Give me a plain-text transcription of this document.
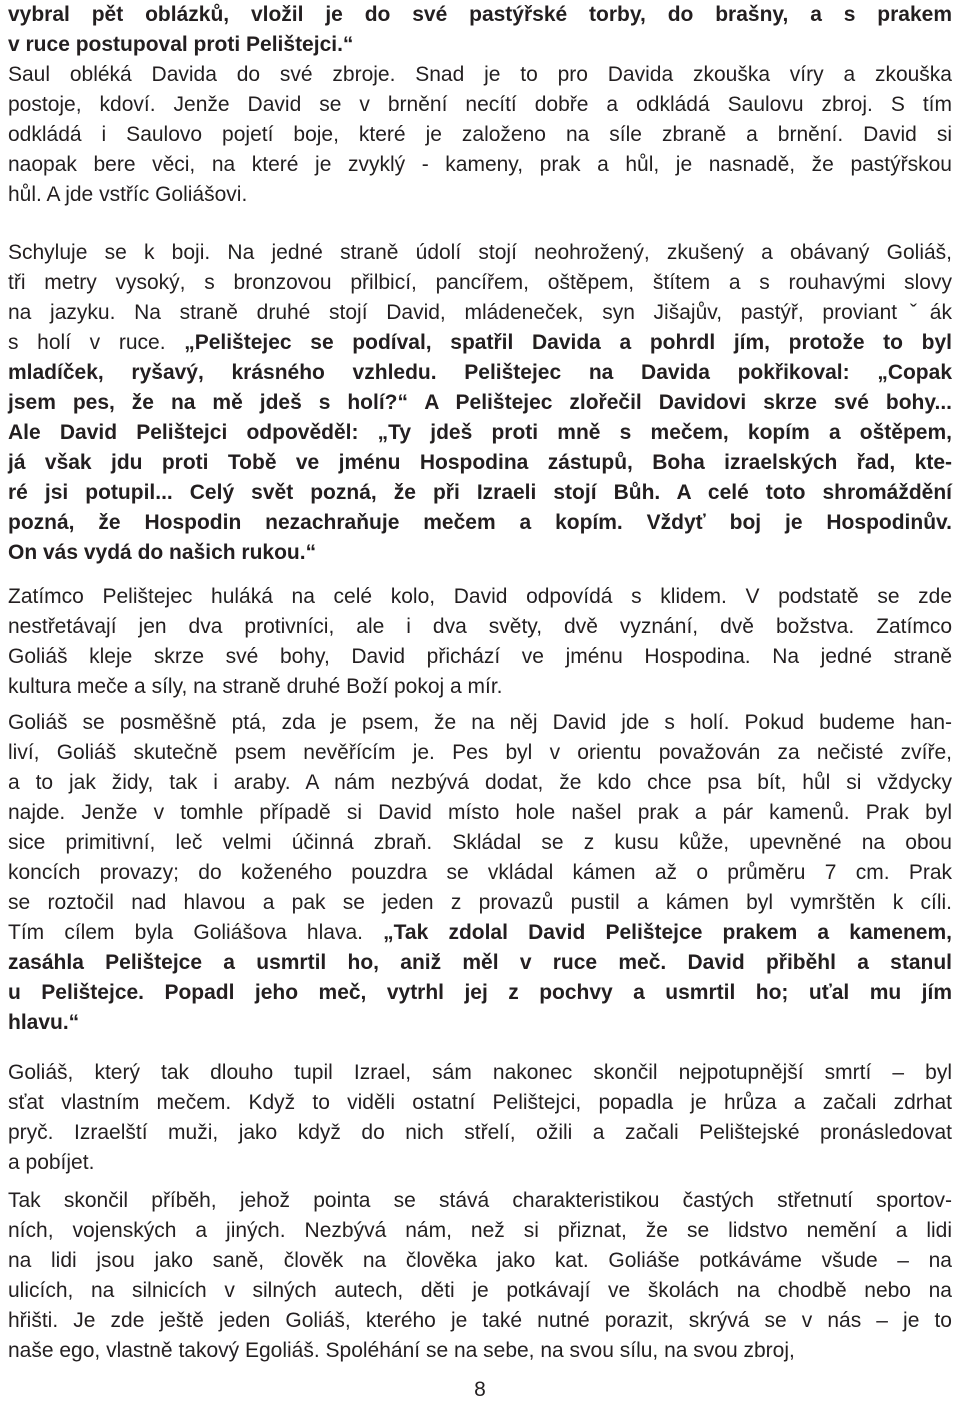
vybral pět oblázků, vložil je do své pastýřské torby, do brašny, a s prakem
v ruce postupoval proti Pelištejci.“
Saul obléká Davida do své zbroje. Snad je to pro Davida zkouška víry a zkouška
postoje, kdoví. Jenže David se v brnění necítí dobře a odkládá Saulovu zbroj. S tím
odkládá i Saulovo pojetí boje, které je založeno na síle zbraně a brnění. David si
naopak bere věci, na které je zvyklý - kameny, prak a hůl, je nasnadě, že pastýřskou
hůl. A jde vstříc Goliášovi.
Schyluje se k boji. Na jedné straně údolí stojí neohrožený, zkušený a obávaný Goliáš,
tři metry vysoký, s bronzovou přilbicí, pancířem, oštěpem, štítem a s rouhavými slovy
na jazyku. Na straně druhé stojí David, mládeneček, syn Jišajův, pastýř, proviantˇák
s holí v ruce. „Pelištejec se podíval, spatřil Davida a pohrdl jím, protože to byl
mladíček, ryšavý, krásného vzhledu. Pelištejec na Davida pokřikoval: „Copak
jsem pes, že na mě jdeš s holí?“ A Pelištejec zlořečil Davidovi skrze své bohy...
Ale David Pelištejci odpověděl: „Ty jdeš proti mně s mečem, kopím a oštěpem,
já však jdu proti Tobě ve jménu Hospodina zástupů, Boha izraelských řad, kte-
ré jsi potupil... Celý svět pozná, že při Izraeli stojí Bůh. A celé toto shromáždění
pozná, že Hospodin nezachraňuje mečem a kopím. Vždyť boj je Hospodinův.
On vás vydá do našich rukou.“
Zatímco Pelištejec huláká na celé kolo, David odpovídá s klidem. V podstatě se zde
nestřetávají jen dva protivníci, ale i dva světy, dvě vyznání, dvě božstva. Zatímco
Goliáš kleje skrze své bohy, David přichází ve jménu Hospodina. Na jedné straně
kultura meče a síly, na straně druhé Boží pokoj a mír.
Goliáš se posměšně ptá, zda je psem, že na něj David jde s holí. Pokud budeme han-
liví, Goliáš skutečně psem nevěřícím je. Pes byl v orientu považován za nečisté zvíře,
a to jak židy, tak i araby. A nám nezbývá dodat, že kdo chce psa bít, hůl si vždycky
najde. Jenže v tomhle případě si David místo hole našel prak a pár kamenů. Prak byl
sice primitivní, leč velmi účinná zbraň. Skládal se z kusu kůže, upevněné na obou
koncích provazy; do koženého pouzdra se vkládal kámen až o průměru 7 cm. Prak
se roztočil nad hlavou a pak se jeden z provazů pustil a kámen byl vymrštěn k cíli.
Tím cílem byla Goliášova hlava. „Tak zdolal David Pelištejce prakem a kamenem,
zasáhla Pelištejce a usmrtil ho, aniž měl v ruce meč. David přiběhl a stanul
u Pelištejce. Popadl jeho meč, vytrhl jej z pochvy a usmrtil ho; uťal mu jím
hlavu.“
Goliáš, který tak dlouho tupil Izrael, sám nakonec skončil nejpotupnější smrtí – byl
sťat vlastním mečem. Když to viděli ostatní Pelištejci, popadla je hrůza a začali zdrhat
pryč. Izraelští muži, jako když do nich střelí, ožili a začali Pelištejské pronásledovat
a pobíjet.
Tak skončil příběh, jehož pointa se stává charakteristikou častých střetnutí sportov-
ních, vojenských a jiných. Nezbývá nám, než si přiznat, že se lidstvo nemění a lidi
na lidi jsou jako saně, člověk na člověka jako kat. Goliáše potkáváme všude – na
ulicích, na silnicích v silných autech, děti je potkávají ve školách na chodbě nebo na
hřišti. Je zde ještě jeden Goliáš, kterého je také nutné porazit, skrývá se v nás – je to
naše ego, vlastně takový Egoliáš. Spoléhání se na sebe, na svou sílu, na svou zbroj,
8
